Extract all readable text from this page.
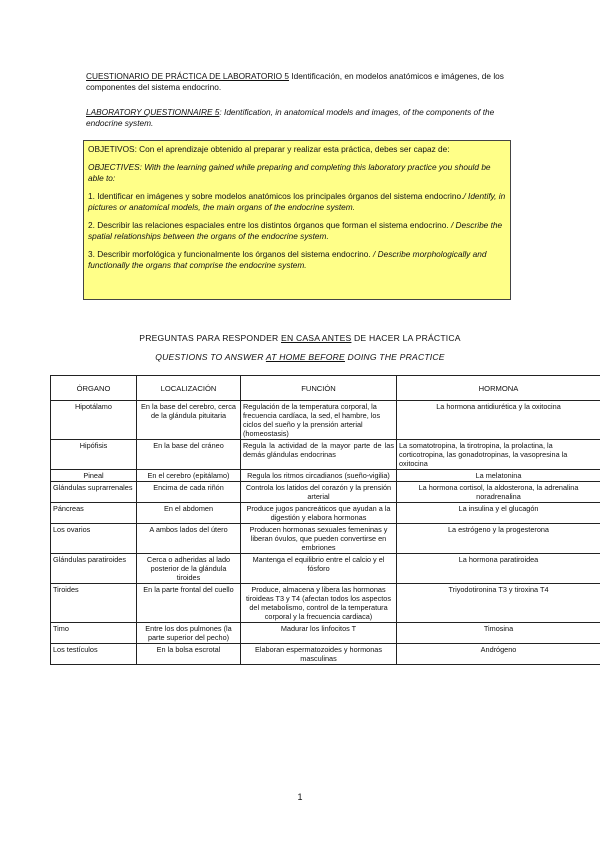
CUESTIONARIO DE PRÁCTICA DE LABORATORIO 5 Identificación, en modelos anatómicos e imágenes, de los componentes del sistema endocrino.
LABORATORY QUESTIONNAIRE 5: Identification, in anatomical models and images, of the components of the endocrine system.

OBJETIVOS: Con el aprendizaje obtenido al preparar y realizar esta práctica, debes ser capaz de:

OBJECTIVES: With the learning gained while preparing and completing this laboratory practice you should be able to:

1. Identificar en imágenes y sobre modelos anatómicos los principales órganos del sistema endocrino./ Identify, in pictures or anatomical models, the main organs of the endocrine system.

2. Describir las relaciones espaciales entre los distintos órganos que forman el sistema endocrino. / Describe the spatial relationships between the organs of the endocrine system.

3. Describir morfológica y funcionalmente los órganos del sistema endocrino. / Describe morphologically and functionally the organs that comprise the endocrine system.

PREGUNTAS PARA RESPONDER EN CASA ANTES DE HACER LA PRÁCTICA
QUESTIONS TO ANSWER AT HOME BEFORE DOING THE PRACTICE
ÓRGANO	LOCALIZACIÓN	FUNCIÓN	HORMONA
Hipotálamo	En la base del cerebro, cerca de la glándula pituitaria	Regulación de la temperatura corporal, la frecuencia cardíaca, la sed, el hambre, los ciclos del sueño y la prensión arterial (homeostasis)	La hormona antidiurética y la oxitocina
Hipófisis	En la base del cráneo	Regula la actividad de la mayor parte de las demás glándulas endocrinas	La somatotropina, la tirotropina, la prolactina, la corticotropina, las gonadotropinas, la vasopresina la oxitocina
Pineal	En el cerebro (epitálamo)	Regula los ritmos circadianos (sueño-vigilia)	La melatonina
Glándulas suprarrenales	Encima de cada riñón	Controla los latidos del corazón y la prensión arterial	La hormona cortisol, la aldosterona, la adrenalina noradrenalina
Páncreas	En el abdomen	Produce jugos pancreáticos que ayudan a la digestión y elabora hormonas	La insulina y el glucagón
Los ovarios	A ambos lados del útero	Producen hormonas sexuales femeninas y liberan óvulos, que pueden convertirse en embriones	La estrógeno y la progesterona
Glándulas paratiroides	Cerca o adheridas al lado posterior de la glándula tiroides	Mantenga el equilibrio entre el calcio y el fósforo	La hormona paratiroidea
Tiroides	En la parte frontal del cuello	Produce, almacena y libera las hormonas tiroideas T3 y T4 (afectan todos los aspectos del metabolismo, control de la temperatura corporal y la frecuencia cardiaca)	Triyodotironina T3 y tiroxina T4
Timo	Entre los dos pulmones (la parte superior del pecho)	Madurar los linfocitos T	Timosina
Los testículos	En la bolsa escrotal	Elaboran espermatozoides y hormonas masculinas	Andrógeno
1
